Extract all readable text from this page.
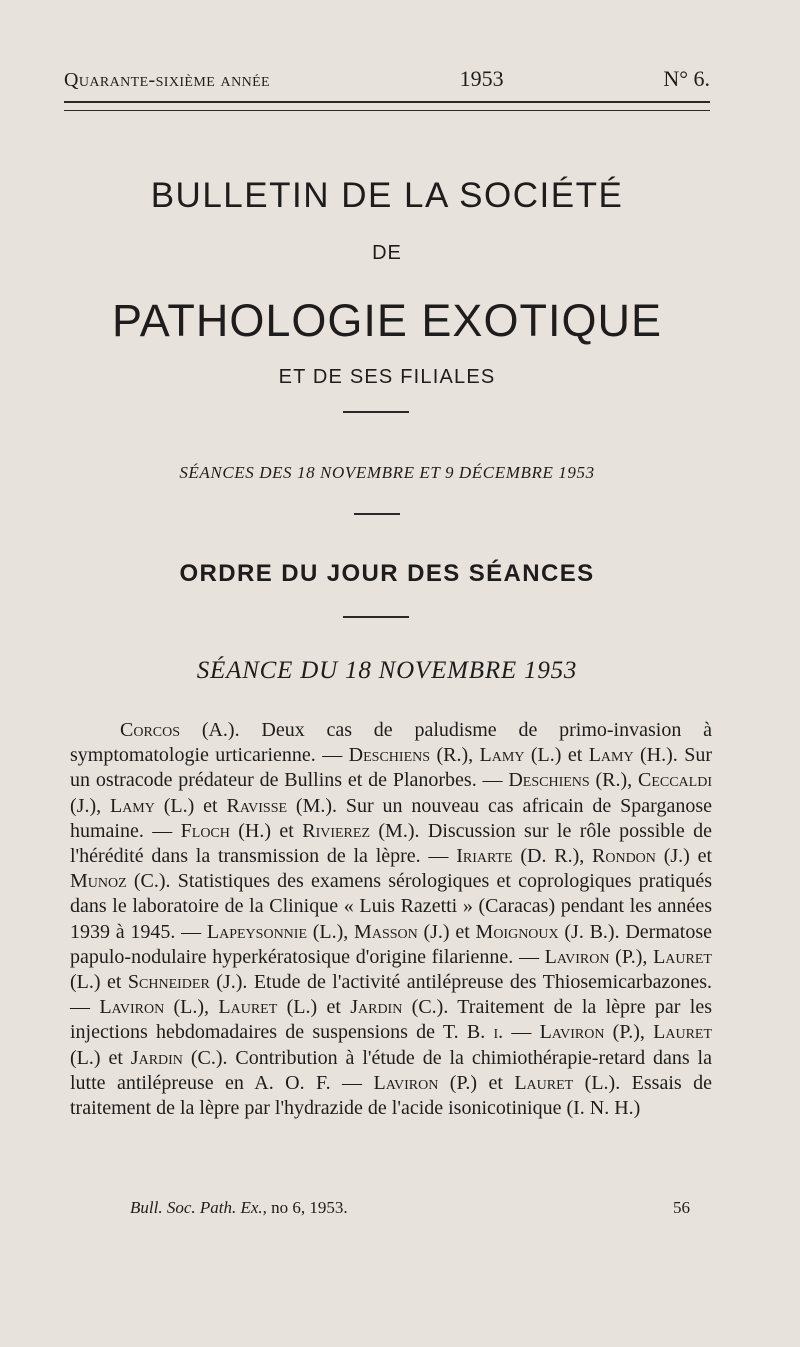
Quarante-sixième année	1953	N° 6.
BULLETIN DE LA SOCIÉTÉ
DE
PATHOLOGIE EXOTIQUE
ET DE SES FILIALES
SÉANCES DES 18 NOVEMBRE ET 9 DÉCEMBRE 1953
ORDRE DU JOUR DES SÉANCES
SÉANCE DU 18 NOVEMBRE 1953

Corcos (A.). Deux cas de paludisme de primo-invasion à symptomatologie urticarienne. — Deschiens (R.), Lamy (L.) et Lamy (H.). Sur un ostracode prédateur de Bullins et de Planorbes. — Deschiens (R.), Ceccaldi (J.), Lamy (L.) et Ravisse (M.). Sur un nouveau cas africain de Sparganose humaine. — Floch (H.) et Rivierez (M.). Discussion sur le rôle possible de l'hérédité dans la transmission de la lèpre. — Iriarte (D. R.), Rondon (J.) et Munoz (C.). Statistiques des examens sérologiques et coprologiques pratiqués dans le laboratoire de la Clinique « Luis Razetti » (Caracas) pendant les années 1939 à 1945. — Lapeysonnie (L.), Masson (J.) et Moignoux (J. B.). Dermatose papulo-nodulaire hyperkératosique d'origine filarienne. — Laviron (P.), Lauret (L.) et Schneider (J.). Etude de l'activité antilépreuse des Thiosemicarbazones. — Laviron (L.), Lauret (L.) et Jardin (C.). Traitement de la lèpre par les injections hebdomadaires de suspensions de T. B. i. — Laviron (P.), Lauret (L.) et Jardin (C.). Contribution à l'étude de la chimiothérapie-retard dans la lutte antilépreuse en A. O. F. — Laviron (P.) et Lauret (L.). Essais de traitement de la lèpre par l'hydrazide de l'acide isonicotinique (I. N. H.)

Bull. Soc. Path. Ex., no 6, 1953.	56
